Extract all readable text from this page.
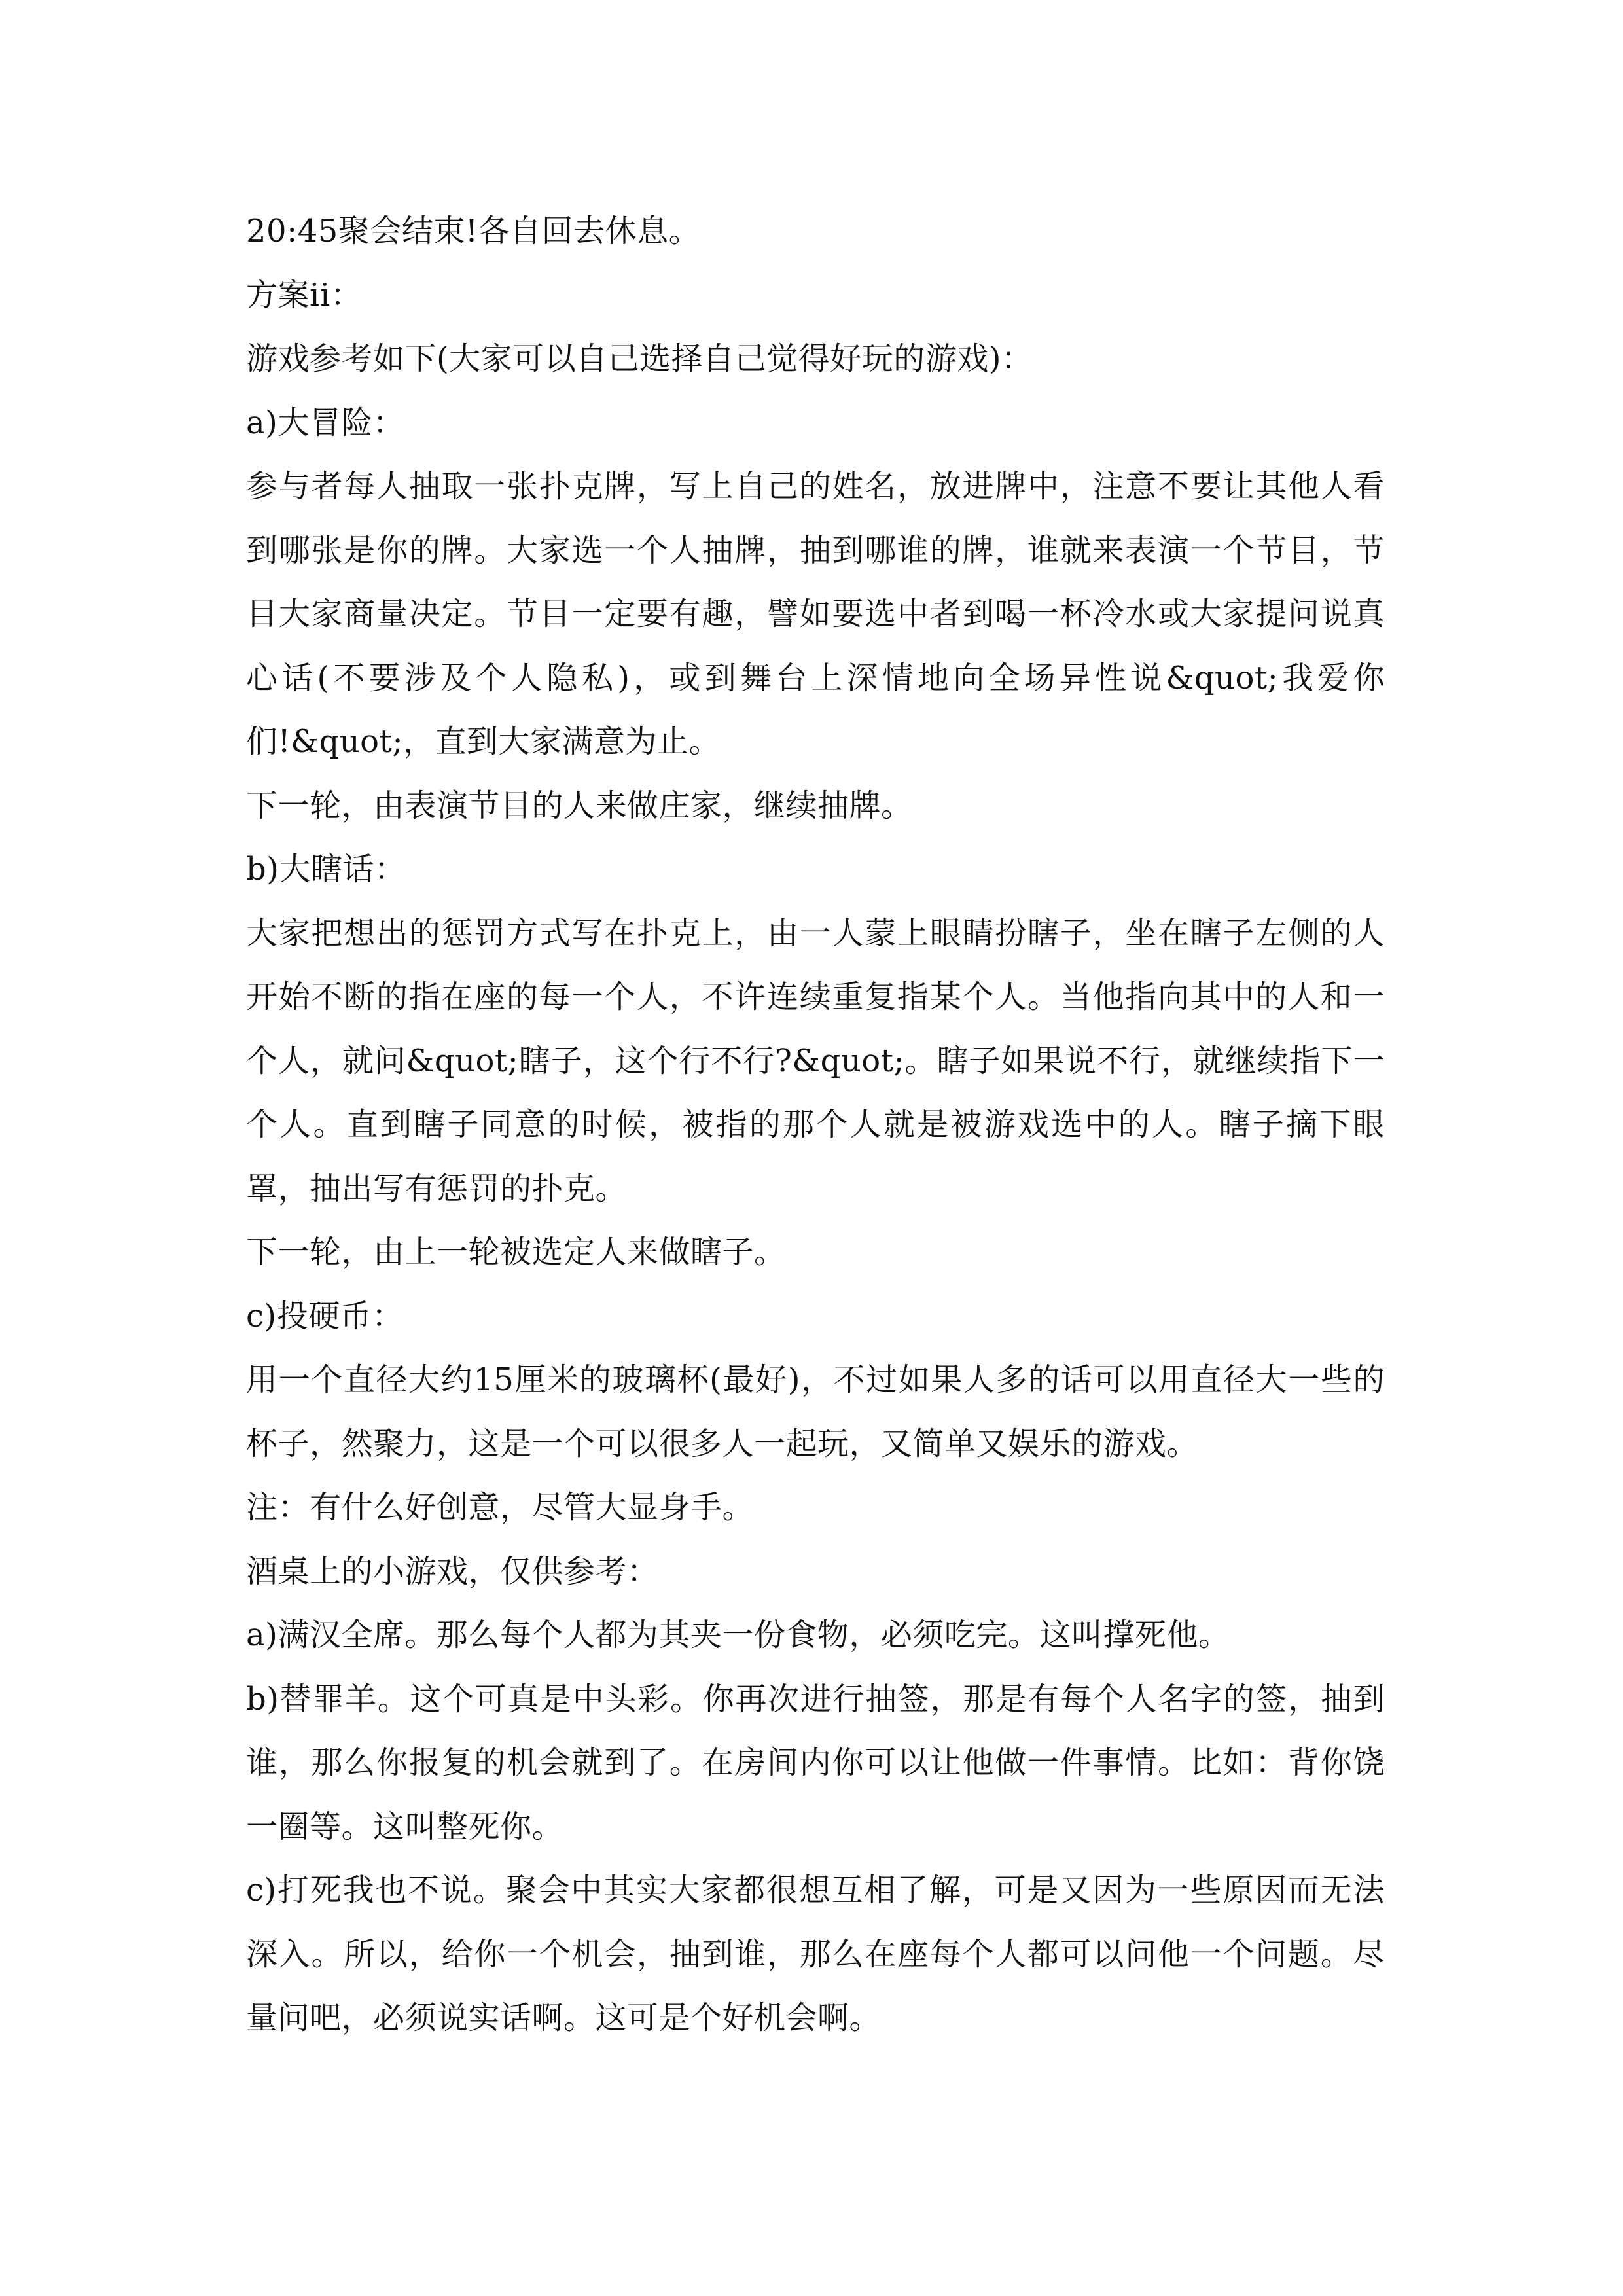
20:45聚会结束!各自回去休息。

方案ii：

游戏参考如下(大家可以自己选择自己觉得好玩的游戏)：

a)大冒险：

参与者每人抽取一张扑克牌，写上自己的姓名，放进牌中，注意不要让其他人看到哪张是你的牌。大家选一个人抽牌，抽到哪谁的牌，谁就来表演一个节目，节目大家商量决定。节目一定要有趣，譬如要选中者到喝一杯冷水或大家提问说真心话(不要涉及个人隐私)，或到舞台上深情地向全场异性说&quot;我爱你们!&quot;，直到大家满意为止。

下一轮，由表演节目的人来做庄家，继续抽牌。

b)大瞎话：

大家把想出的惩罚方式写在扑克上，由一人蒙上眼睛扮瞎子，坐在瞎子左侧的人开始不断的指在座的每一个人，不许连续重复指某个人。当他指向其中的人和一个人，就问&quot;瞎子，这个行不行?&quot;。瞎子如果说不行，就继续指下一个人。直到瞎子同意的时候，被指的那个人就是被游戏选中的人。瞎子摘下眼罩，抽出写有惩罚的扑克。

下一轮，由上一轮被选定人来做瞎子。

c)投硬币：

用一个直径大约15厘米的玻璃杯(最好)，不过如果人多的话可以用直径大一些的杯子，然聚力，这是一个可以很多人一起玩，又简单又娱乐的游戏。

注：有什么好创意，尽管大显身手。

酒桌上的小游戏，仅供参考：

a)满汉全席。那么每个人都为其夹一份食物，必须吃完。这叫撑死他。

b)替罪羊。这个可真是中头彩。你再次进行抽签，那是有每个人名字的签，抽到谁，那么你报复的机会就到了。在房间内你可以让他做一件事情。比如：背你饶一圈等。这叫整死你。

c)打死我也不说。聚会中其实大家都很想互相了解，可是又因为一些原因而无法深入。所以，给你一个机会，抽到谁，那么在座每个人都可以问他一个问题。尽量问吧，必须说实话啊。这可是个好机会啊。
